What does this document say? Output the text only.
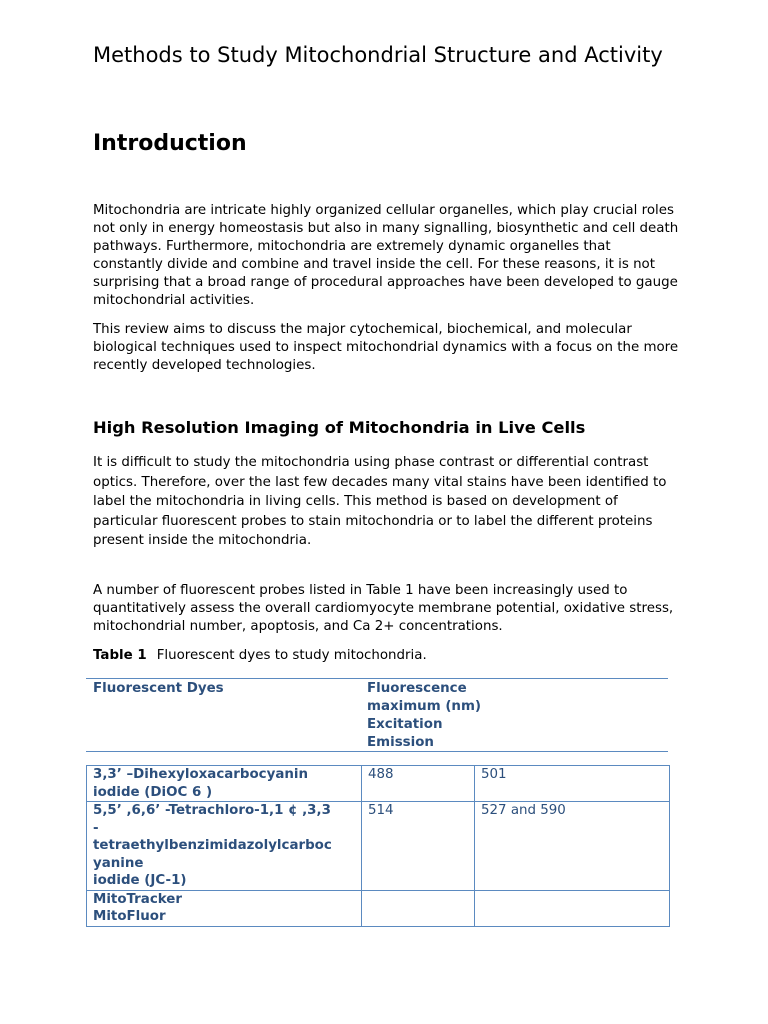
Methods to Study Mitochondrial Structure and Activity
Introduction
Mitochondria are intricate highly organized cellular organelles, which play crucial roles not only in energy homeostasis but also in many signalling, biosynthetic and cell death pathways. Furthermore, mitochondria are extremely dynamic organelles that constantly divide and combine and travel inside the cell. For these reasons, it is not surprising that a broad range of procedural approaches have been developed to gauge mitochondrial activities.
This review aims to discuss the major cytochemical, biochemical, and molecular biological techniques used to inspect mitochondrial dynamics with a focus on the more recently developed technologies.
High Resolution Imaging of Mitochondria in Live Cells
It is difficult to study the mitochondria using phase contrast or differential contrast optics. Therefore, over the last few decades many vital stains have been identified to label the mitochondria in living cells. This method is based on development of particular fluorescent probes to stain mitochondria or to label the different proteins present inside the mitochondria.
A number of fluorescent probes listed in Table 1 have been increasingly used to quantitatively assess the overall cardiomyocyte membrane potential, oxidative stress, mitochondrial number, apoptosis, and Ca 2+ concentrations.
Table 1 Fluorescent dyes to study mitochondria.
Fluorescent Dyes	Fluorescence
maximum (nm)
Excitation
Emission
3,3’ –Dihexyloxacarbocyanin
iodide (DiOC 6 )	488	501
5,5’ ,6,6’ -Tetrachloro-1,1 ¢ ,3,3
-
tetraethylbenzimidazolylcarboc
yanine
iodide (JC-1)	514	527 and 590
MitoTracker
MitoFluor		
